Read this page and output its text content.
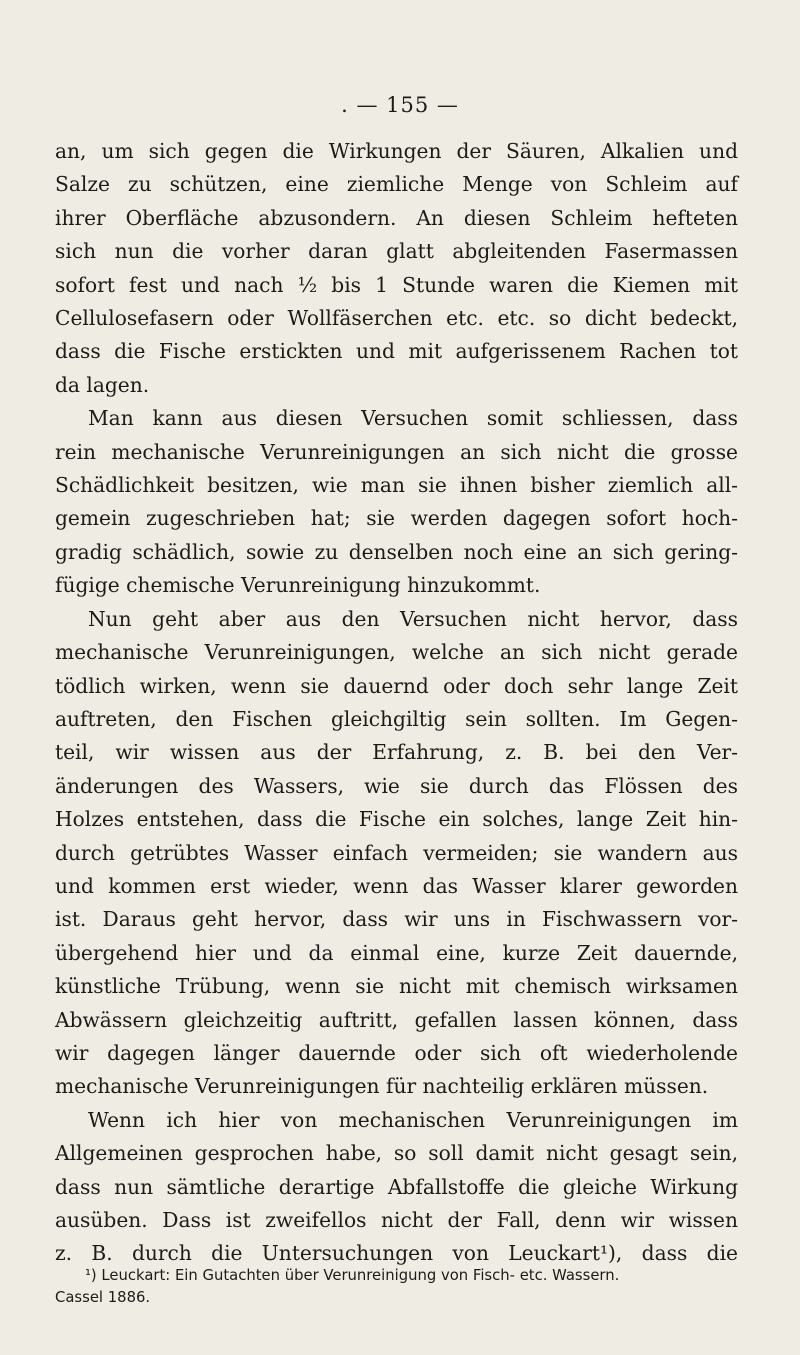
. — 155 —
an, um sich gegen die Wirkungen der Säuren, Alkalien und
Salze zu schützen, eine ziemliche Menge von Schleim auf
ihrer Oberfläche abzusondern. An diesen Schleim hefteten
sich nun die vorher daran glatt abgleitenden Fasermassen
sofort fest und nach ½ bis 1 Stunde waren die Kiemen mit
Cellulosefasern oder Wollfäserchen etc. etc. so dicht bedeckt,
dass die Fische erstickten und mit aufgerissenem Rachen tot
da lagen.
Man kann aus diesen Versuchen somit schliessen, dass
rein mechanische Verunreinigungen an sich nicht die grosse
Schädlichkeit besitzen, wie man sie ihnen bisher ziemlich all-
gemein zugeschrieben hat; sie werden dagegen sofort hoch-
gradig schädlich, sowie zu denselben noch eine an sich gering-
fügige chemische Verunreinigung hinzukommt.
Nun geht aber aus den Versuchen nicht hervor, dass
mechanische Verunreinigungen, welche an sich nicht gerade
tödlich wirken, wenn sie dauernd oder doch sehr lange Zeit
auftreten, den Fischen gleichgiltig sein sollten. Im Gegen-
teil, wir wissen aus der Erfahrung, z. B. bei den Ver-
änderungen des Wassers, wie sie durch das Flössen des
Holzes entstehen, dass die Fische ein solches, lange Zeit hin-
durch getrübtes Wasser einfach vermeiden; sie wandern aus
und kommen erst wieder, wenn das Wasser klarer geworden
ist. Daraus geht hervor, dass wir uns in Fischwassern vor-
übergehend hier und da einmal eine, kurze Zeit dauernde,
künstliche Trübung, wenn sie nicht mit chemisch wirksamen
Abwässern gleichzeitig auftritt, gefallen lassen können, dass
wir dagegen länger dauernde oder sich oft wiederholende
mechanische Verunreinigungen für nachteilig erklären müssen.
Wenn ich hier von mechanischen Verunreinigungen im
Allgemeinen gesprochen habe, so soll damit nicht gesagt sein,
dass nun sämtliche derartige Abfallstoffe die gleiche Wirkung
ausüben. Dass ist zweifellos nicht der Fall, denn wir wissen
z. B. durch die Untersuchungen von Leuckart¹), dass die
¹) Leuckart: Ein Gutachten über Verunreinigung von Fisch- etc. Wassern.
Cassel 1886.
